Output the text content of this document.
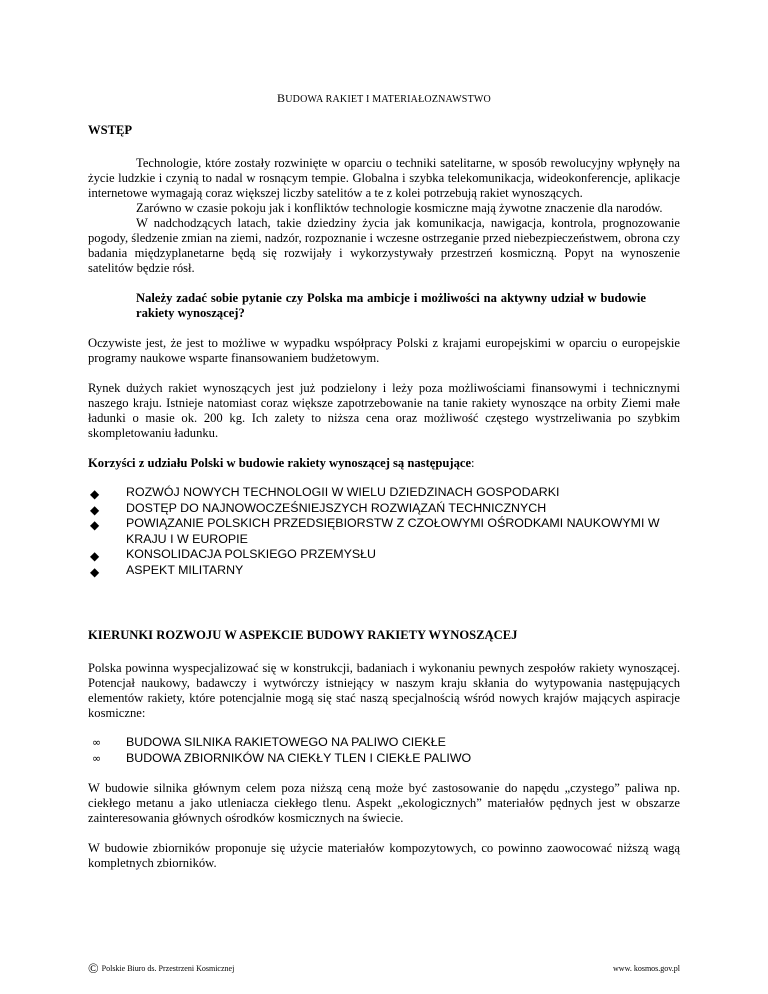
BUDOWA RAKIET I MATERIAŁOZNAWSTWO
WSTĘP

Technologie, które zostały rozwinięte w oparciu o techniki satelitarne, w sposób rewolucyjny wpłynęły na życie ludzkie i czynią to nadal w rosnącym tempie. Globalna i szybka telekomunikacja, wideokonferencje, aplikacje internetowe wymagają coraz większej liczby satelitów a te z kolei potrzebują rakiet wynoszących.

Zarówno w czasie pokoju jak i konfliktów technologie kosmiczne mają żywotne znaczenie dla narodów.

W nadchodzących latach, takie dziedziny życia jak komunikacja, nawigacja, kontrola, prognozowanie pogody, śledzenie zmian na ziemi, nadzór, rozpoznanie i wczesne ostrzeganie przed niebezpieczeństwem, obrona czy badania międzyplanetarne będą się rozwijały i wykorzystywały przestrzeń kosmiczną. Popyt na wynoszenie satelitów będzie rósł.

Należy zadać sobie pytanie czy Polska ma ambicje i możliwości na aktywny udział w budowie rakiety wynoszącej?

Oczywiste jest, że jest to możliwe w wypadku współpracy Polski z krajami europejskimi w oparciu o europejskie programy naukowe wsparte finansowaniem budżetowym.

Rynek dużych rakiet wynoszących jest już podzielony i leży poza możliwościami finansowymi i technicznymi naszego kraju. Istnieje natomiast coraz większe zapotrzebowanie na tanie rakiety wynoszące na orbity Ziemi małe ładunki o masie ok. 200 kg. Ich zalety to niższa cena oraz możliwość częstego wystrzeliwania po szybkim skompletowaniu ładunku.

Korzyści z udziału Polski w budowie rakiety wynoszącej są następujące:

◆ ROZWÓJ NOWYCH TECHNOLOGII W WIELU DZIEDZINACH GOSPODARKI
◆ DOSTĘP DO NAJNOWOCZEŚNIEJSZYCH ROZWIĄZAŃ TECHNICZNYCH
◆ POWIĄZANIE POLSKICH PRZEDSIĘBIORSTW Z CZOŁOWYMI OŚRODKAMI NAUKOWYMI W KRAJU I W EUROPIE
◆ KONSOLIDACJA POLSKIEGO PRZEMYSŁU
◆ ASPEKT MILITARNY
KIERUNKI ROZWOJU W ASPEKCIE BUDOWY RAKIETY WYNOSZĄCEJ

Polska powinna wyspecjalizować się w konstrukcji, badaniach i wykonaniu pewnych zespołów rakiety wynoszącej. Potencjał naukowy, badawczy i wytwórczy istniejący w naszym kraju skłania do wytypowania następujących elementów rakiety, które potencjalnie mogą się stać naszą specjalnością wśród nowych krajów mających aspiracje kosmiczne:

∞ BUDOWA SILNIKA RAKIETOWEGO NA PALIWO CIEKŁE
∞ BUDOWA ZBIORNIKÓW NA CIEKŁY TLEN I CIEKŁE PALIWO

W budowie silnika głównym celem poza niższą ceną może być zastosowanie do napędu „czystego” paliwa np. ciekłego metanu a jako utleniacza ciekłego tlenu. Aspekt „ekologicznych” materiałów pędnych jest w obszarze zainteresowania głównych ośrodków kosmicznych na świecie.

W budowie zbiorników proponuje się użycie materiałów kompozytowych, co powinno zaowocować niższą wagą kompletnych zbiorników.

© Polskie Biuro ds. Przestrzeni Kosmicznej	www. kosmos.gov.pl
